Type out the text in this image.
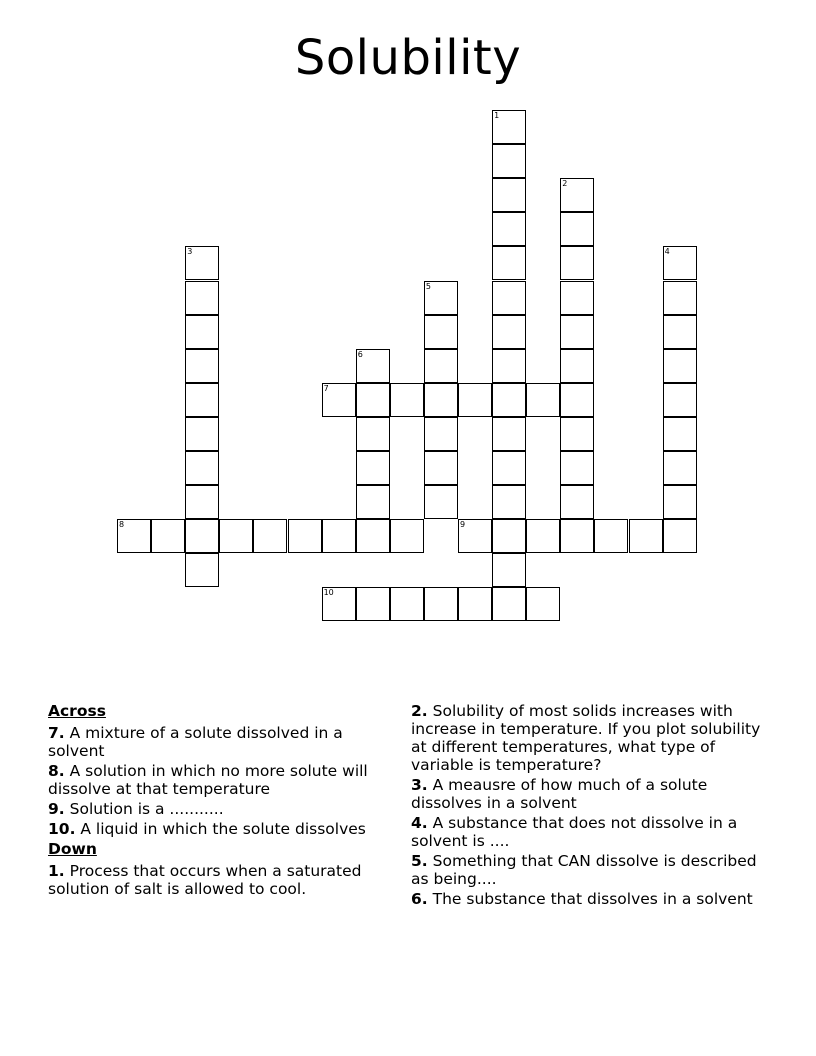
Solubility
1
2
3	4
5
6
7
8	9
10
Across
7. A mixture of a solute dissolved in a solvent
8. A solution in which no more solute will dissolve at that temperature
9. Solution is a ...........
10. A liquid in which the solute dissolves
Down
1. Process that occurs when a saturated solution of salt is allowed to cool.
2. Solubility of most solids increases with increase in temperature. If you plot solubility at different temperatures, what type of variable is temperature?
3. A meausre of how much of a solute dissolves in a solvent
4. A substance that does not dissolve in a solvent is ....
5. Something that CAN dissolve is described as being....
6. The substance that dissolves in a solvent
